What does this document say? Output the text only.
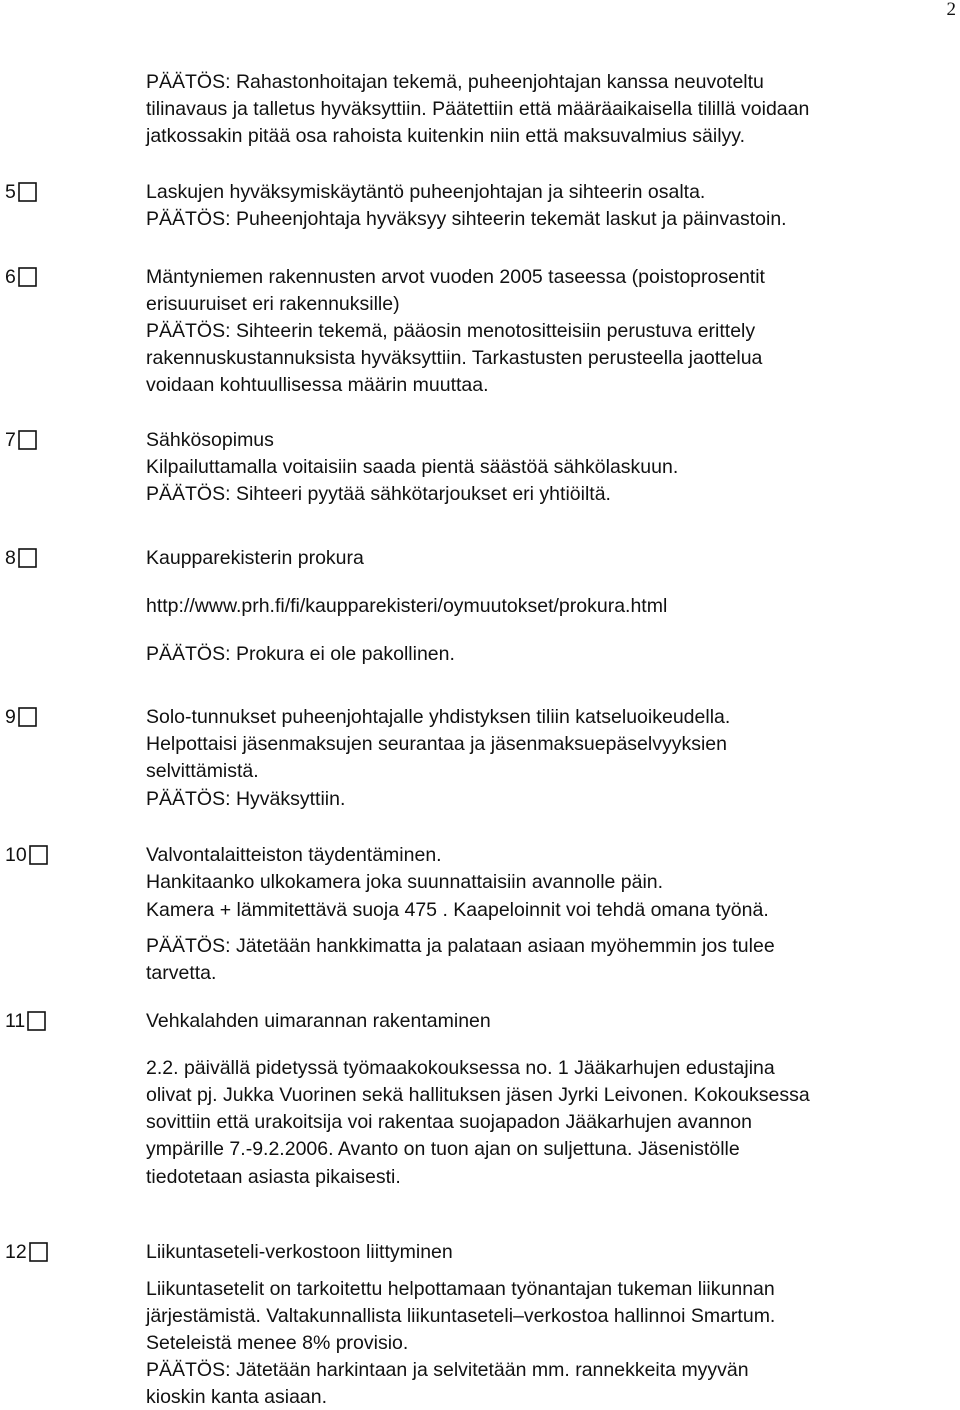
2
PÄÄTÖS: Rahastonhoitajan tekemä, puheenjohtajan kanssa neuvoteltu
tilinavaus ja talletus hyväksyttiin. Päätettiin että määräaikaisella tilillä voidaan
jatkossakin pitää osa rahoista kuitenkin niin että maksuvalmius säilyy.
5	Laskujen hyväksymiskäytäntö puheenjohtajan ja sihteerin osalta.
PÄÄTÖS: Puheenjohtaja hyväksyy sihteerin tekemät laskut ja päinvastoin.
6	Mäntyniemen rakennusten arvot vuoden 2005 taseessa (poistoprosentit
erisuuruiset eri rakennuksille)
PÄÄTÖS: Sihteerin tekemä, pääosin menotositteisiin perustuva erittely
rakennuskustannuksista hyväksyttiin. Tarkastusten perusteella jaottelua
voidaan kohtuullisessa määrin muuttaa.
7	Sähkösopimus
Kilpailuttamalla voitaisiin saada pientä säästöä sähkölaskuun.
PÄÄTÖS: Sihteeri pyytää sähkötarjoukset eri yhtiöiltä.
8	Kaupparekisterin prokura
http://www.prh.fi/fi/kaupparekisteri/oymuutokset/prokura.html
PÄÄTÖS: Prokura ei ole pakollinen.
9	Solo-tunnukset puheenjohtajalle yhdistyksen tiliin katseluoikeudella.
Helpottaisi jäsenmaksujen seurantaa ja jäsenmaksuepäselvyyksien
selvittämistä.
PÄÄTÖS: Hyväksyttiin.
10	Valvontalaitteiston täydentäminen.
Hankitaanko ulkokamera joka suunnattaisiin avannolle päin.
Kamera + lämmitettävä suoja 475 . Kaapeloinnit voi tehdä omana työnä.
PÄÄTÖS: Jätetään hankkimatta ja palataan asiaan myöhemmin jos tulee
tarvetta.
11	Vehkalahden uimarannan rakentaminen
2.2. päivällä pidetyssä työmaakokouksessa no. 1 Jääkarhujen edustajina
olivat pj. Jukka Vuorinen sekä hallituksen jäsen Jyrki Leivonen. Kokouksessa
sovittiin että urakoitsija voi rakentaa suojapadon Jääkarhujen avannon
ympärille 7.-9.2.2006. Avanto on tuon ajan on suljettuna. Jäsenistölle
tiedotetaan asiasta pikaisesti.
12	Liikuntaseteli-verkostoon liittyminen
Liikuntasetelit on tarkoitettu helpottamaan työnantajan tukeman liikunnan
järjestämistä. Valtakunnallista liikuntaseteli–verkostoa hallinnoi Smartum.
Seteleistä menee 8% provisio.
PÄÄTÖS: Jätetään harkintaan ja selvitetään mm. rannekkeita myyvän
kioskin kanta asiaan.
